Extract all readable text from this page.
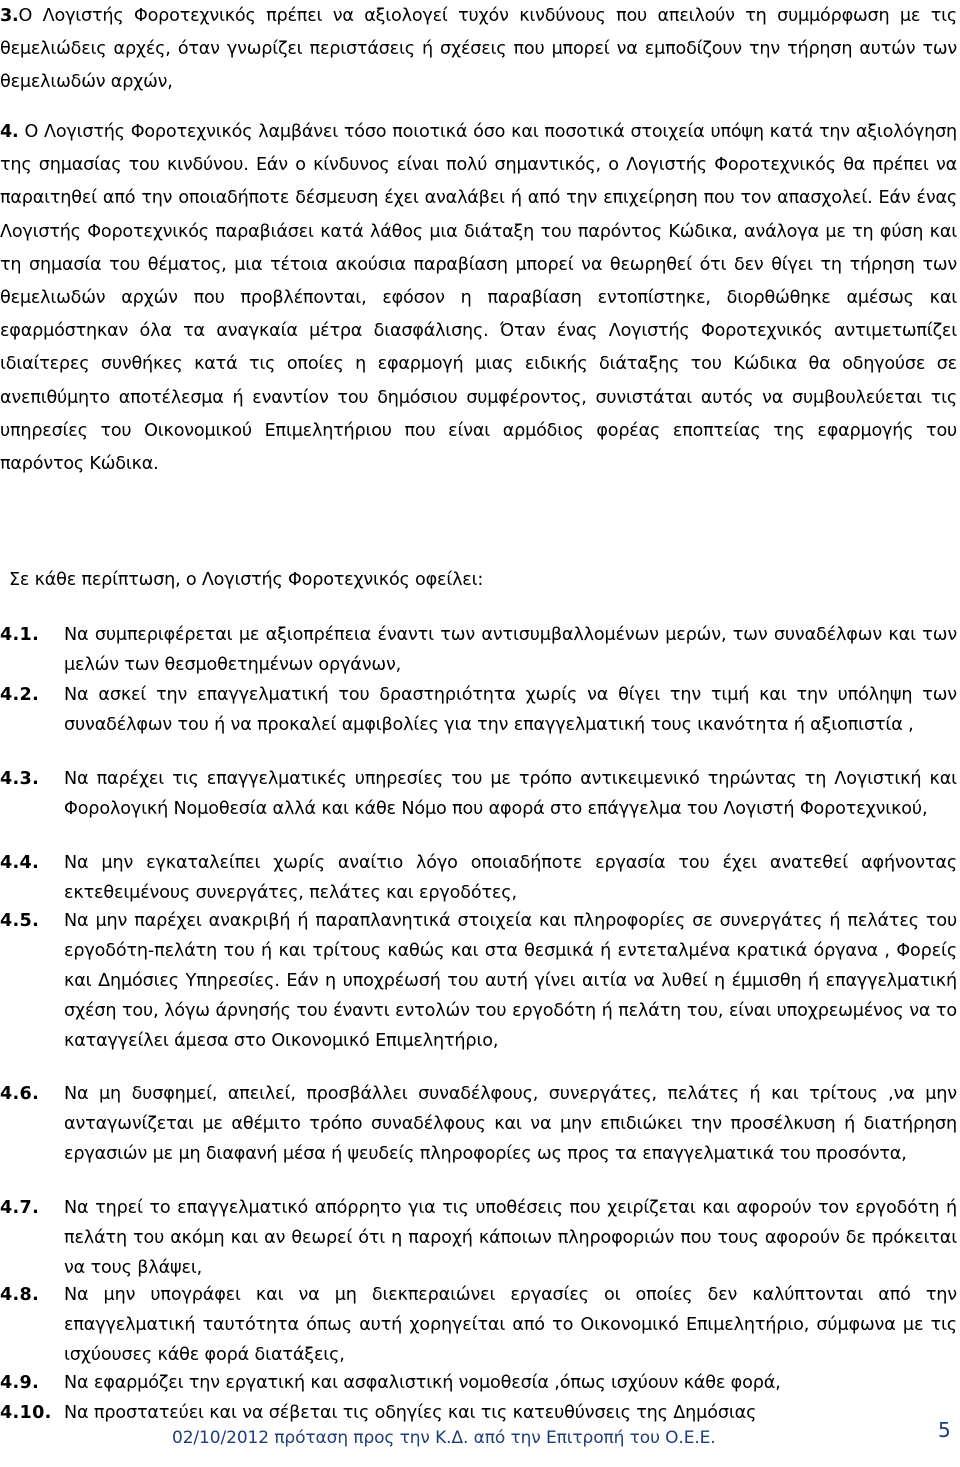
3.Ο Λογιστής Φοροτεχνικός πρέπει να αξιολογεί τυχόν κινδύνους που απειλούν τη συμμόρφωση με τις θεμελιώδεις αρχές, όταν γνωρίζει περιστάσεις ή σχέσεις που μπορεί να εμποδίζουν την τήρηση αυτών των θεμελιωδών αρχών,

4. Ο Λογιστής Φοροτεχνικός λαμβάνει τόσο ποιοτικά όσο και ποσοτικά στοιχεία υπόψη κατά την αξιολόγηση της σημασίας του κινδύνου. Εάν ο κίνδυνος είναι πολύ σημαντικός, ο Λογιστής Φοροτεχνικός θα πρέπει να παραιτηθεί από την οποιαδήποτε δέσμευση έχει αναλάβει ή από την επιχείρηση που τον απασχολεί. Εάν ένας Λογιστής Φοροτεχνικός παραβιάσει κατά λάθος μια διάταξη του παρόντος Κώδικα, ανάλογα με τη φύση και τη σημασία του θέματος, μια τέτοια ακούσια παραβίαση μπορεί να θεωρηθεί ότι δεν θίγει τη τήρηση των θεμελιωδών αρχών που προβλέπονται, εφόσον η παραβίαση εντοπίστηκε, διορθώθηκε αμέσως και εφαρμόστηκαν όλα τα αναγκαία μέτρα διασφάλισης. Όταν ένας Λογιστής Φοροτεχνικός αντιμετωπίζει ιδιαίτερες συνθήκες κατά τις οποίες η εφαρμογή μιας ειδικής διάταξης του Κώδικα θα οδηγούσε σε ανεπιθύμητο αποτέλεσμα ή εναντίον του δημόσιου συμφέροντος, συνιστάται αυτός να συμβουλεύεται τις υπηρεσίες του Οικονομικού Επιμελητήριου που είναι αρμόδιος φορέας εποπτείας της εφαρμογής του παρόντος Κώδικα.

Σε κάθε περίπτωση, ο Λογιστής Φοροτεχνικός οφείλει:

4.1. Να συμπεριφέρεται με αξιοπρέπεια έναντι των αντισυμβαλλομένων μερών, των συναδέλφων και των μελών των θεσμοθετημένων οργάνων,
4.2. Να ασκεί την επαγγελματική του δραστηριότητα χωρίς να θίγει την τιμή και την υπόληψη των συναδέλφων του ή να προκαλεί αμφιβολίες για την επαγγελματική τους ικανότητα ή αξιοπιστία ,
4.3. Να παρέχει τις επαγγελματικές υπηρεσίες του με τρόπο αντικειμενικό τηρώντας τη Λογιστική και Φορολογική Νομοθεσία αλλά και κάθε Νόμο που αφορά στο επάγγελμα του Λογιστή Φοροτεχνικού,
4.4. Να μην εγκαταλείπει χωρίς αναίτιο λόγο οποιαδήποτε εργασία του έχει ανατεθεί αφήνοντας εκτεθειμένους συνεργάτες, πελάτες και εργοδότες,
4.5. Να μην παρέχει ανακριβή ή παραπλανητικά στοιχεία και πληροφορίες σε συνεργάτες ή πελάτες του εργοδότη-πελάτη του ή και τρίτους καθώς και στα θεσμικά ή εντεταλμένα κρατικά όργανα , Φορείς και Δημόσιες Υπηρεσίες. Εάν η υποχρέωσή του αυτή γίνει αιτία να λυθεί η έμμισθη ή επαγγελματική σχέση του, λόγω άρνησής του έναντι εντολών του εργοδότη ή πελάτη του, είναι υποχρεωμένος να το καταγγείλει άμεσα στο Οικονομικό Επιμελητήριο,
4.6. Να μη δυσφημεί, απειλεί, προσβάλλει συναδέλφους, συνεργάτες, πελάτες ή και τρίτους ,να μην ανταγωνίζεται με αθέμιτο τρόπο συναδέλφους και να μην επιδιώκει την προσέλκυση ή διατήρηση εργασιών με μη διαφανή μέσα ή ψευδείς πληροφορίες ως προς τα επαγγελματικά του προσόντα,
4.7. Να τηρεί το επαγγελματικό απόρρητο για τις υποθέσεις που χειρίζεται και αφορούν τον εργοδότη ή πελάτη του ακόμη και αν θεωρεί ότι η παροχή κάποιων πληροφοριών που τους αφορούν δε πρόκειται να τους βλάψει,
4.8. Να μην υπογράφει και να μη διεκπεραιώνει εργασίες οι οποίες δεν καλύπτονται από την επαγγελματική ταυτότητα όπως αυτή χορηγείται από το Οικονομικό Επιμελητήριο, σύμφωνα με τις ισχύουσες κάθε φορά διατάξεις,
4.9. Να εφαρμόζει την εργατική και ασφαλιστική νομοθεσία ,όπως ισχύουν κάθε φορά,
4.10. Να προστατεύει και να σέβεται τις οδηγίες και τις κατευθύνσεις της Δημόσιας
02/10/2012 πρόταση προς την Κ.Δ. από την Επιτροπή του Ο.Ε.Ε.	5
